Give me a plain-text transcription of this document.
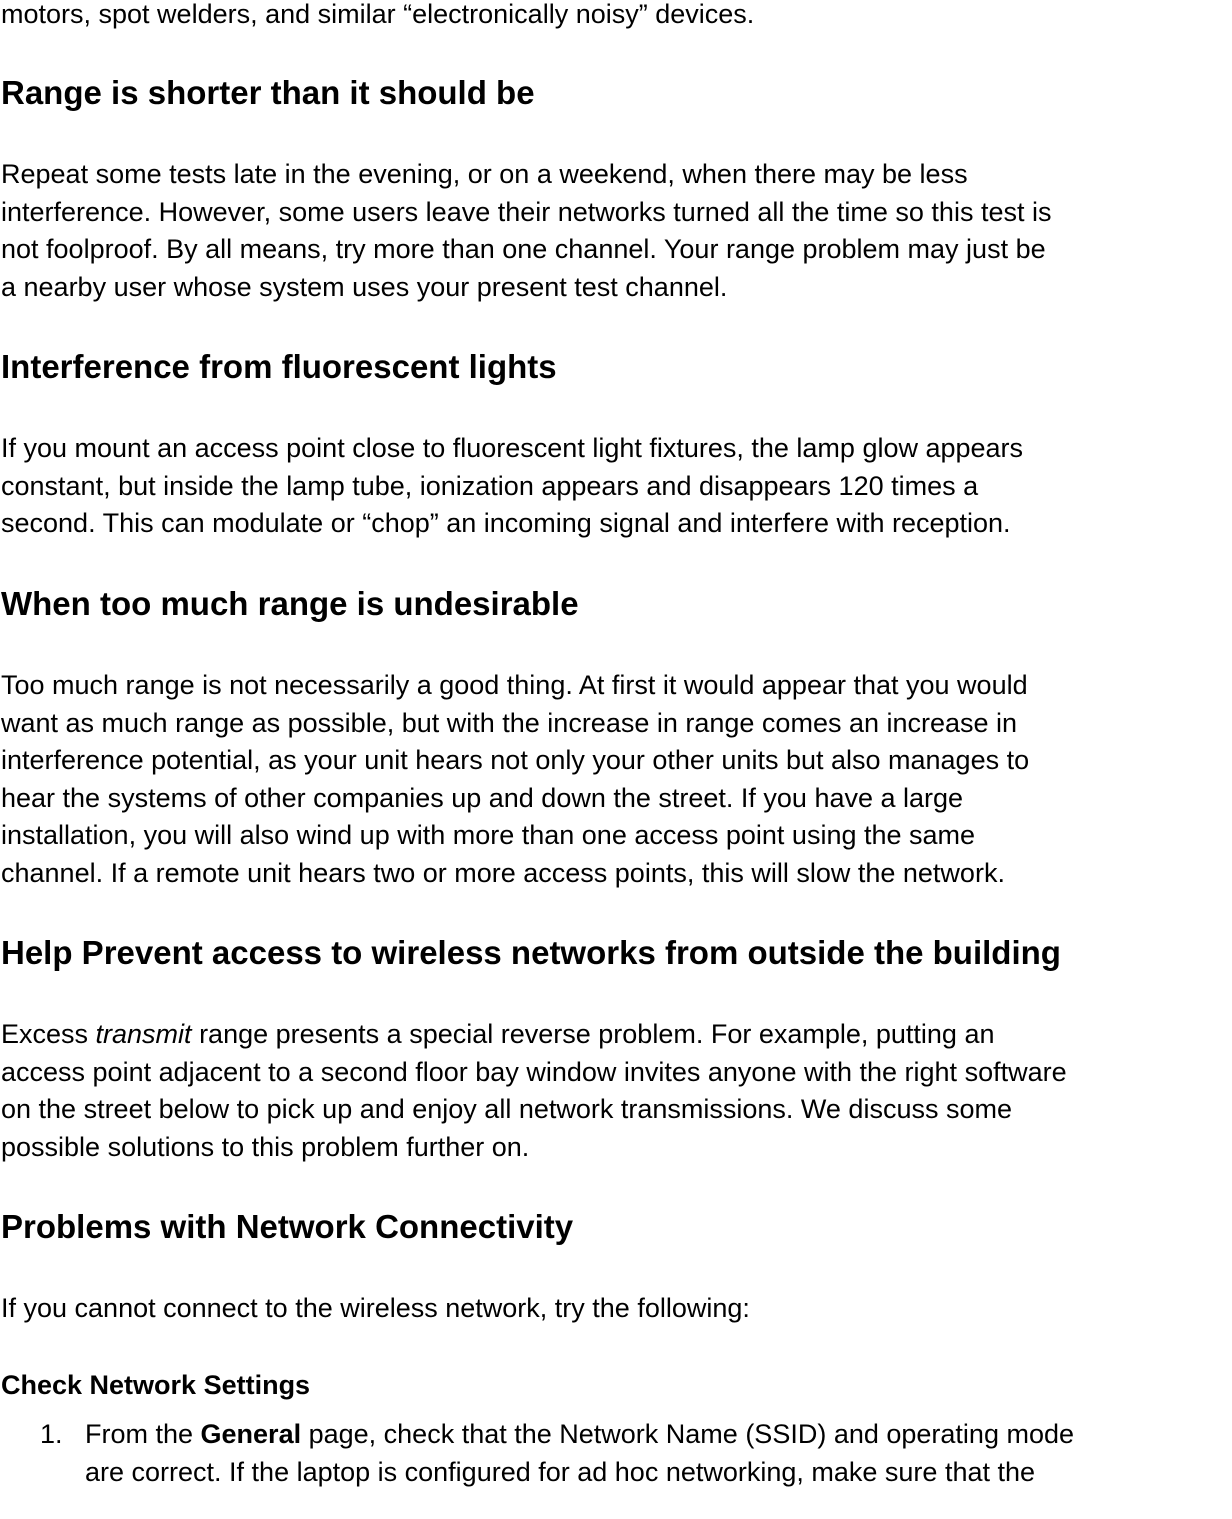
motors, spot welders, and similar “electronically noisy” devices.

Range is shorter than it should be

Repeat some tests late in the evening, or on a weekend, when there may be less
interference. However, some users leave their networks turned all the time so this test is
not foolproof. By all means, try more than one channel. Your range problem may just be
a nearby user whose system uses your present test channel.

Interference from fluorescent lights

If you mount an access point close to fluorescent light fixtures, the lamp glow appears
constant, but inside the lamp tube, ionization appears and disappears 120 times a
second. This can modulate or “chop” an incoming signal and interfere with reception.

When too much range is undesirable

Too much range is not necessarily a good thing. At first it would appear that you would
want as much range as possible, but with the increase in range comes an increase in
interference potential, as your unit hears not only your other units but also manages to
hear the systems of other companies up and down the street. If you have a large
installation, you will also wind up with more than one access point using the same
channel. If a remote unit hears two or more access points, this will slow the network.

Help Prevent access to wireless networks from outside the building

Excess transmit range presents a special reverse problem. For example, putting an
access point adjacent to a second floor bay window invites anyone with the right software
on the street below to pick up and enjoy all network transmissions. We discuss some
possible solutions to this problem further on.

Problems with Network Connectivity

If you cannot connect to the wireless network, try the following:

Check Network Settings
1. From the General page, check that the Network Name (SSID) and operating mode
are correct. If the laptop is configured for ad hoc networking, make sure that the
